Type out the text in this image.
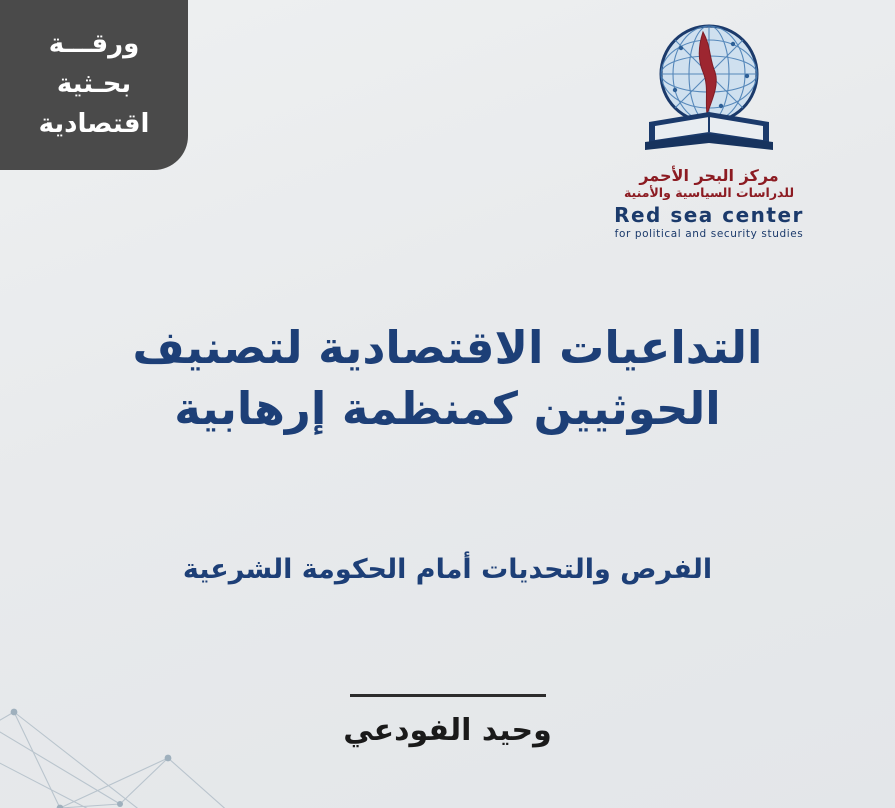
ورقـــة
بحـثية
اقتصادية
مركز البحر الأحمر
للدراسات السياسية والأمنية
Red sea center
for political and security studies
التداعيات الاقتصادية لتصنيف الحوثيين كمنظمة إرهابية
الفرص والتحديات أمام الحكومة الشرعية
وحيد الفودعي
